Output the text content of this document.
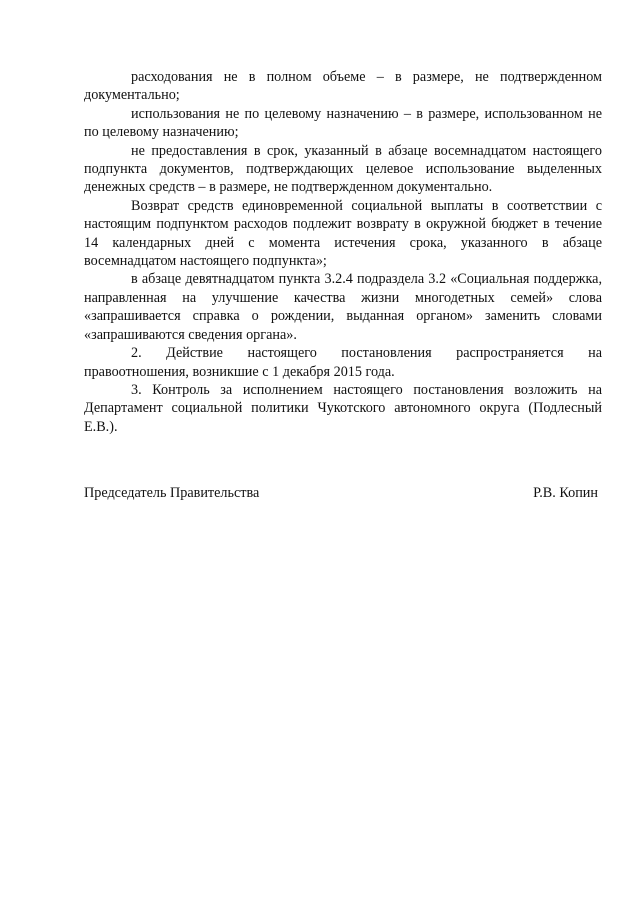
расходования не в полном объеме – в размере, не подтвержденном документально;

использования не по целевому назначению – в размере, использованном не по целевому назначению;

не предоставления в срок, указанный в абзаце восемнадцатом настоящего подпункта документов, подтверждающих целевое использование выделенных денежных средств – в размере, не подтвержденном документально.

Возврат средств единовременной социальной выплаты в соответствии с настоящим подпунктом расходов подлежит возврату в окружной бюджет в течение 14 календарных дней с момента истечения срока, указанного в абзаце восемнадцатом настоящего подпункта»;

в абзаце девятнадцатом пункта 3.2.4 подраздела 3.2 «Социальная поддержка, направленная на улучшение качества жизни многодетных семей» слова «запрашивается справка о рождении, выданная органом» заменить словами «запрашиваются сведения органа».

2. Действие настоящего постановления распространяется на правоотношения, возникшие с 1 декабря 2015 года.

3. Контроль за исполнением настоящего постановления возложить на Департамент социальной политики Чукотского автономного округа (Подлесный Е.В.).

Председатель Правительства	Р.В. Копин
